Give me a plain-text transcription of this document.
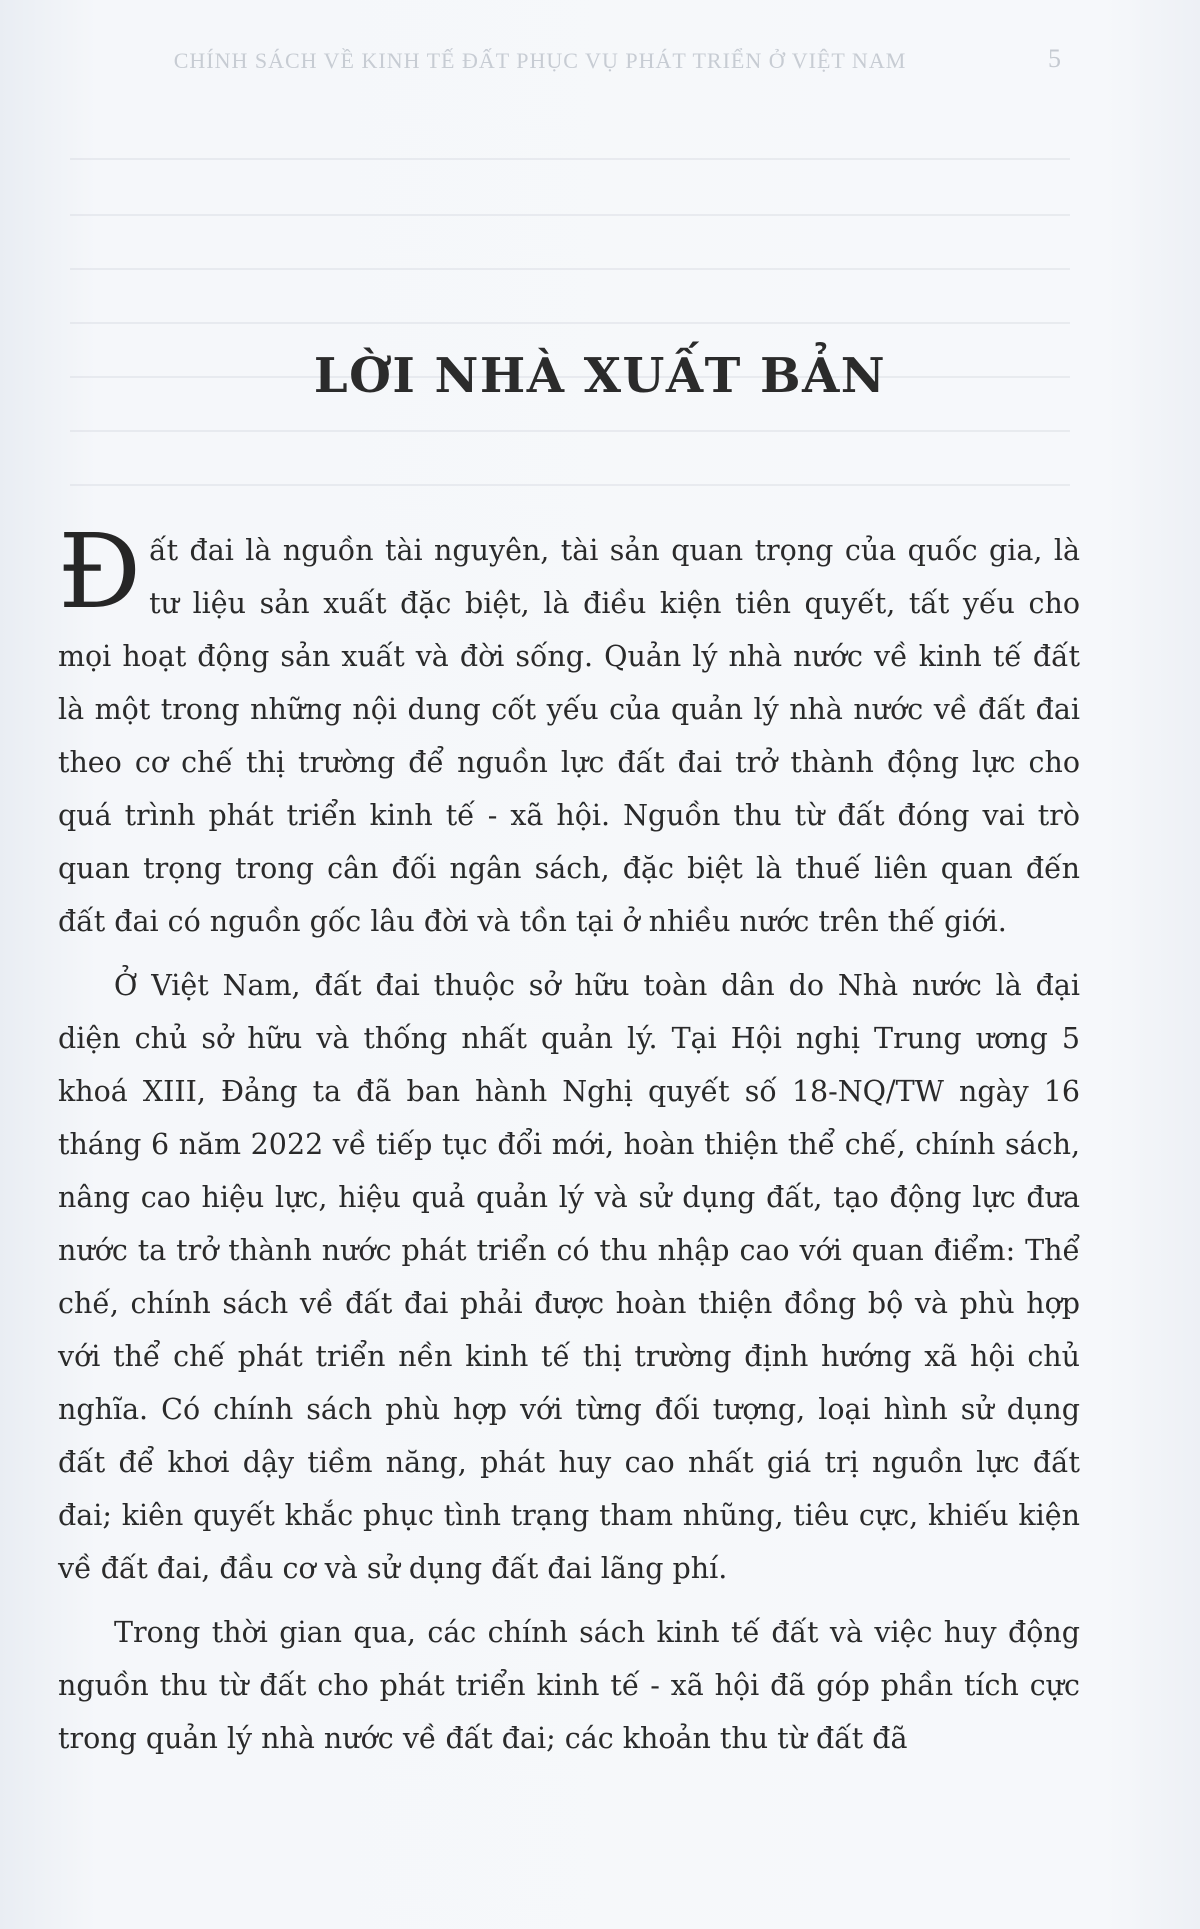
CHÍNH SÁCH VỀ KINH TẾ ĐẤT PHỤC VỤ PHÁT TRIỂN Ở VIỆT NAM	5
LỜI NHÀ XUẤT BẢN

Đất đai là nguồn tài nguyên, tài sản quan trọng của quốc gia, là tư liệu sản xuất đặc biệt, là điều kiện tiên quyết, tất yếu cho mọi hoạt động sản xuất và đời sống. Quản lý nhà nước về kinh tế đất là một trong những nội dung cốt yếu của quản lý nhà nước về đất đai theo cơ chế thị trường để nguồn lực đất đai trở thành động lực cho quá trình phát triển kinh tế - xã hội. Nguồn thu từ đất đóng vai trò quan trọng trong cân đối ngân sách, đặc biệt là thuế liên quan đến đất đai có nguồn gốc lâu đời và tồn tại ở nhiều nước trên thế giới.

Ở Việt Nam, đất đai thuộc sở hữu toàn dân do Nhà nước là đại diện chủ sở hữu và thống nhất quản lý. Tại Hội nghị Trung ương 5 khoá XIII, Đảng ta đã ban hành Nghị quyết số 18-NQ/TW ngày 16 tháng 6 năm 2022 về tiếp tục đổi mới, hoàn thiện thể chế, chính sách, nâng cao hiệu lực, hiệu quả quản lý và sử dụng đất, tạo động lực đưa nước ta trở thành nước phát triển có thu nhập cao với quan điểm: Thể chế, chính sách về đất đai phải được hoàn thiện đồng bộ và phù hợp với thể chế phát triển nền kinh tế thị trường định hướng xã hội chủ nghĩa. Có chính sách phù hợp với từng đối tượng, loại hình sử dụng đất để khơi dậy tiềm năng, phát huy cao nhất giá trị nguồn lực đất đai; kiên quyết khắc phục tình trạng tham nhũng, tiêu cực, khiếu kiện về đất đai, đầu cơ và sử dụng đất đai lãng phí.

Trong thời gian qua, các chính sách kinh tế đất và việc huy động nguồn thu từ đất cho phát triển kinh tế - xã hội đã góp phần tích cực trong quản lý nhà nước về đất đai; các khoản thu từ đất đã
